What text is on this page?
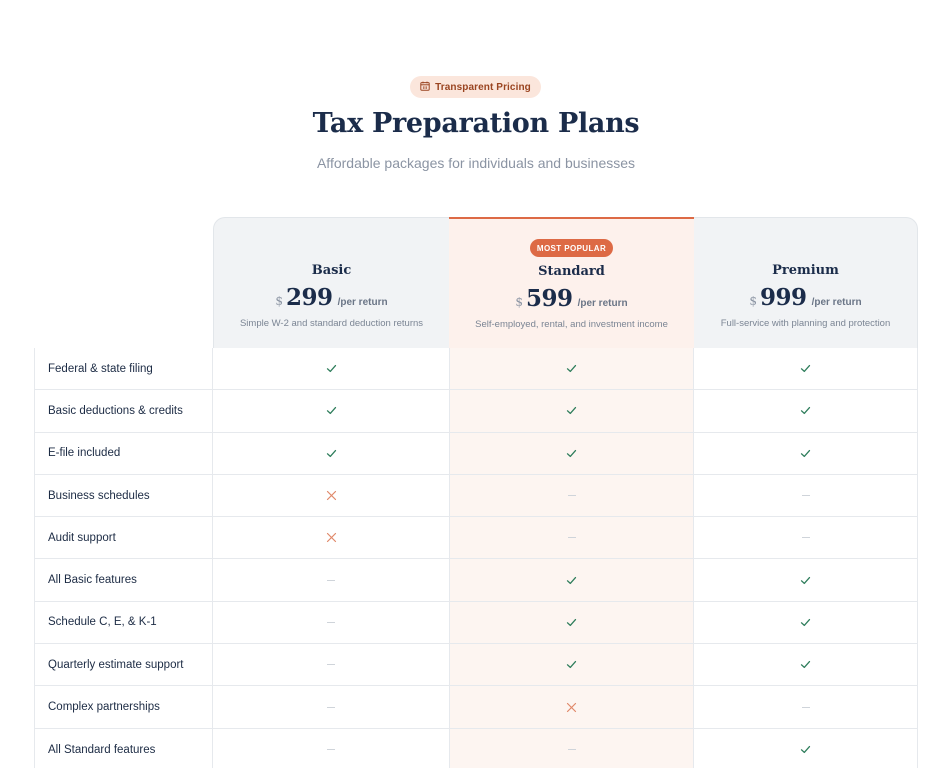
Transparent Pricing
Tax Preparation Plans

Affordable packages for individuals and businesses

Basic
$ 299 /per return
Simple W-2 and standard deduction returns
MOST POPULAR
Standard
$ 599 /per return
Self-employed, rental, and investment income
Premium
$ 999 /per return
Full-service with planning and protection
Federal & state filing
Basic deductions & credits
E-file included
Business schedules
Audit support
All Basic features
Schedule C, E, & K-1
Quarterly estimate support
Complex partnerships
All Standard features
